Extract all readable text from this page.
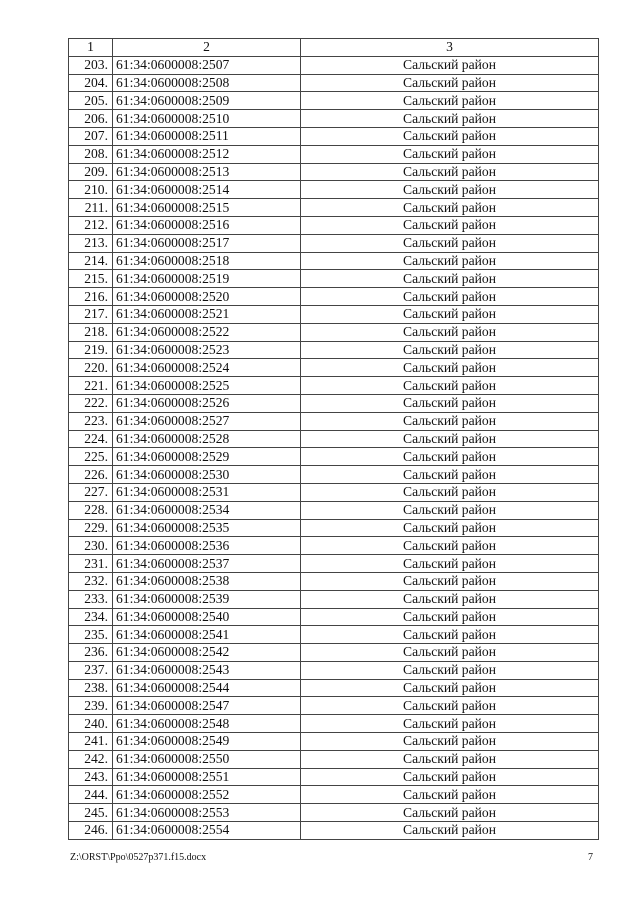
1	2	3
203.	61:34:0600008:2507	Сальский район
204.	61:34:0600008:2508	Сальский район
205.	61:34:0600008:2509	Сальский район
206.	61:34:0600008:2510	Сальский район
207.	61:34:0600008:2511	Сальский район
208.	61:34:0600008:2512	Сальский район
209.	61:34:0600008:2513	Сальский район
210.	61:34:0600008:2514	Сальский район
211.	61:34:0600008:2515	Сальский район
212.	61:34:0600008:2516	Сальский район
213.	61:34:0600008:2517	Сальский район
214.	61:34:0600008:2518	Сальский район
215.	61:34:0600008:2519	Сальский район
216.	61:34:0600008:2520	Сальский район
217.	61:34:0600008:2521	Сальский район
218.	61:34:0600008:2522	Сальский район
219.	61:34:0600008:2523	Сальский район
220.	61:34:0600008:2524	Сальский район
221.	61:34:0600008:2525	Сальский район
222.	61:34:0600008:2526	Сальский район
223.	61:34:0600008:2527	Сальский район
224.	61:34:0600008:2528	Сальский район
225.	61:34:0600008:2529	Сальский район
226.	61:34:0600008:2530	Сальский район
227.	61:34:0600008:2531	Сальский район
228.	61:34:0600008:2534	Сальский район
229.	61:34:0600008:2535	Сальский район
230.	61:34:0600008:2536	Сальский район
231.	61:34:0600008:2537	Сальский район
232.	61:34:0600008:2538	Сальский район
233.	61:34:0600008:2539	Сальский район
234.	61:34:0600008:2540	Сальский район
235.	61:34:0600008:2541	Сальский район
236.	61:34:0600008:2542	Сальский район
237.	61:34:0600008:2543	Сальский район
238.	61:34:0600008:2544	Сальский район
239.	61:34:0600008:2547	Сальский район
240.	61:34:0600008:2548	Сальский район
241.	61:34:0600008:2549	Сальский район
242.	61:34:0600008:2550	Сальский район
243.	61:34:0600008:2551	Сальский район
244.	61:34:0600008:2552	Сальский район
245.	61:34:0600008:2553	Сальский район
246.	61:34:0600008:2554	Сальский район
Z:\ORST\Ppo\0527p371.f15.docx	7
